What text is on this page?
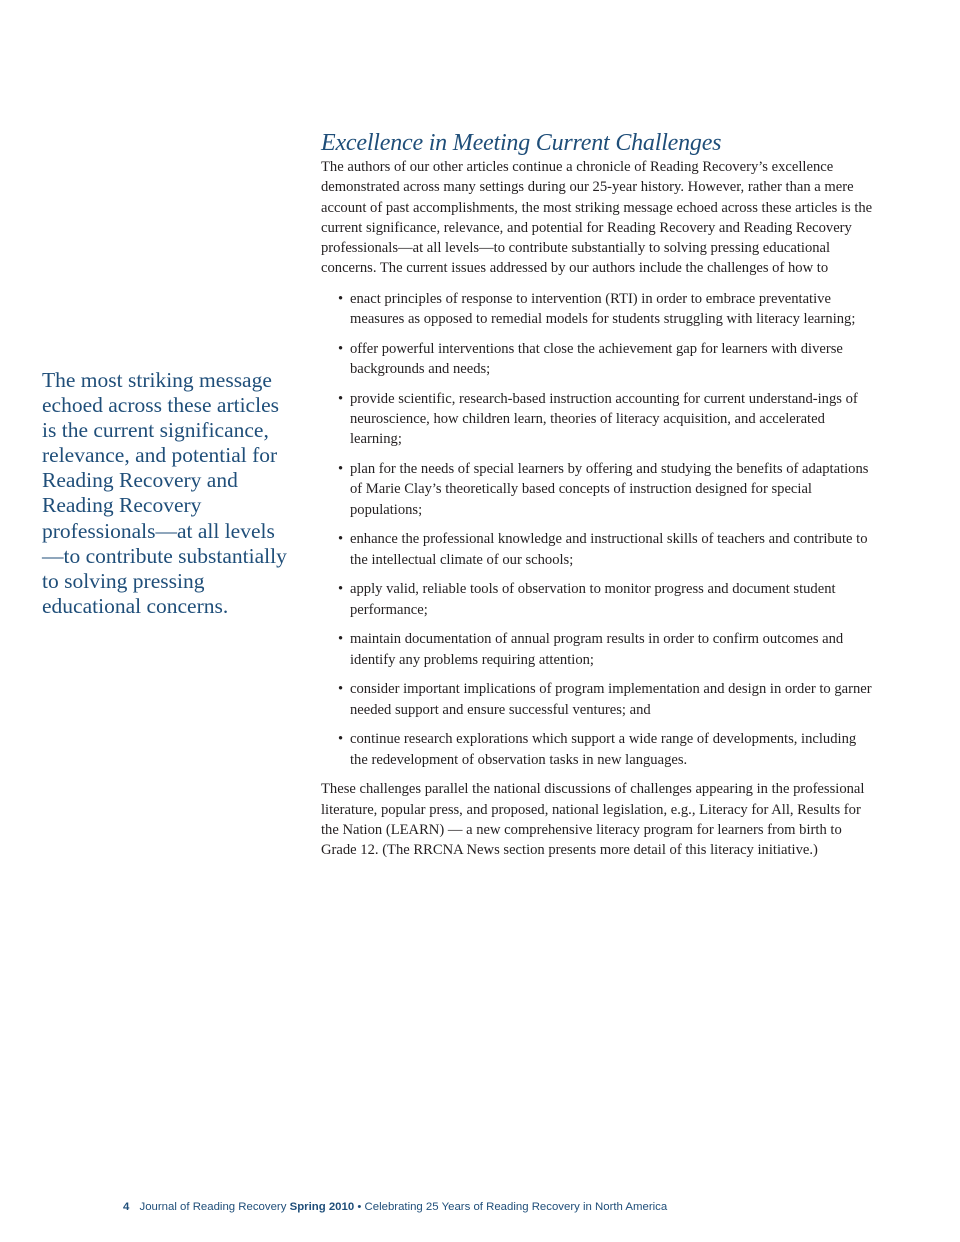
The most striking message echoed across these articles is the current significance, relevance, and potential for Reading Recovery and Reading Recovery professionals—at all levels—to contribute substantially to solving pressing educational concerns.

Excellence in Meeting Current Challenges

The authors of our other articles continue a chronicle of Reading Recovery’s excellence demonstrated across many settings during our 25-year history. However, rather than a mere account of past accomplishments, the most striking message echoed across these articles is the current significance, relevance, and potential for Reading Recovery and Reading Recovery professionals—at all levels—to contribute substantially to solving pressing educational concerns. The current issues addressed by our authors include the challenges of how to

• enact principles of response to intervention (RTI) in order to embrace preventative measures as opposed to remedial models for students struggling with literacy learning;
• offer powerful interventions that close the achievement gap for learners with diverse backgrounds and needs;
• provide scientific, research-based instruction accounting for current understand-ings of neuroscience, how children learn, theories of literacy acquisition, and accelerated learning;
• plan for the needs of special learners by offering and studying the benefits of adaptations of Marie Clay’s theoretically based concepts of instruction designed for special populations;
• enhance the professional knowledge and instructional skills of teachers and contribute to the intellectual climate of our schools;
• apply valid, reliable tools of observation to monitor progress and document student performance;
• maintain documentation of annual program results in order to confirm outcomes and identify any problems requiring attention;
• consider important implications of program implementation and design in order to garner needed support and ensure successful ventures; and
• continue research explorations which support a wide range of developments, including the redevelopment of observation tasks in new languages.

These challenges parallel the national discussions of challenges appearing in the professional literature, popular press, and proposed, national legislation, e.g., Literacy for All, Results for the Nation (LEARN) — a new comprehensive literacy program for learners from birth to Grade 12. (The RRCNA News section presents more detail of this literacy initiative.)

4 Journal of Reading Recovery Spring 2010 • Celebrating 25 Years of Reading Recovery in North America
